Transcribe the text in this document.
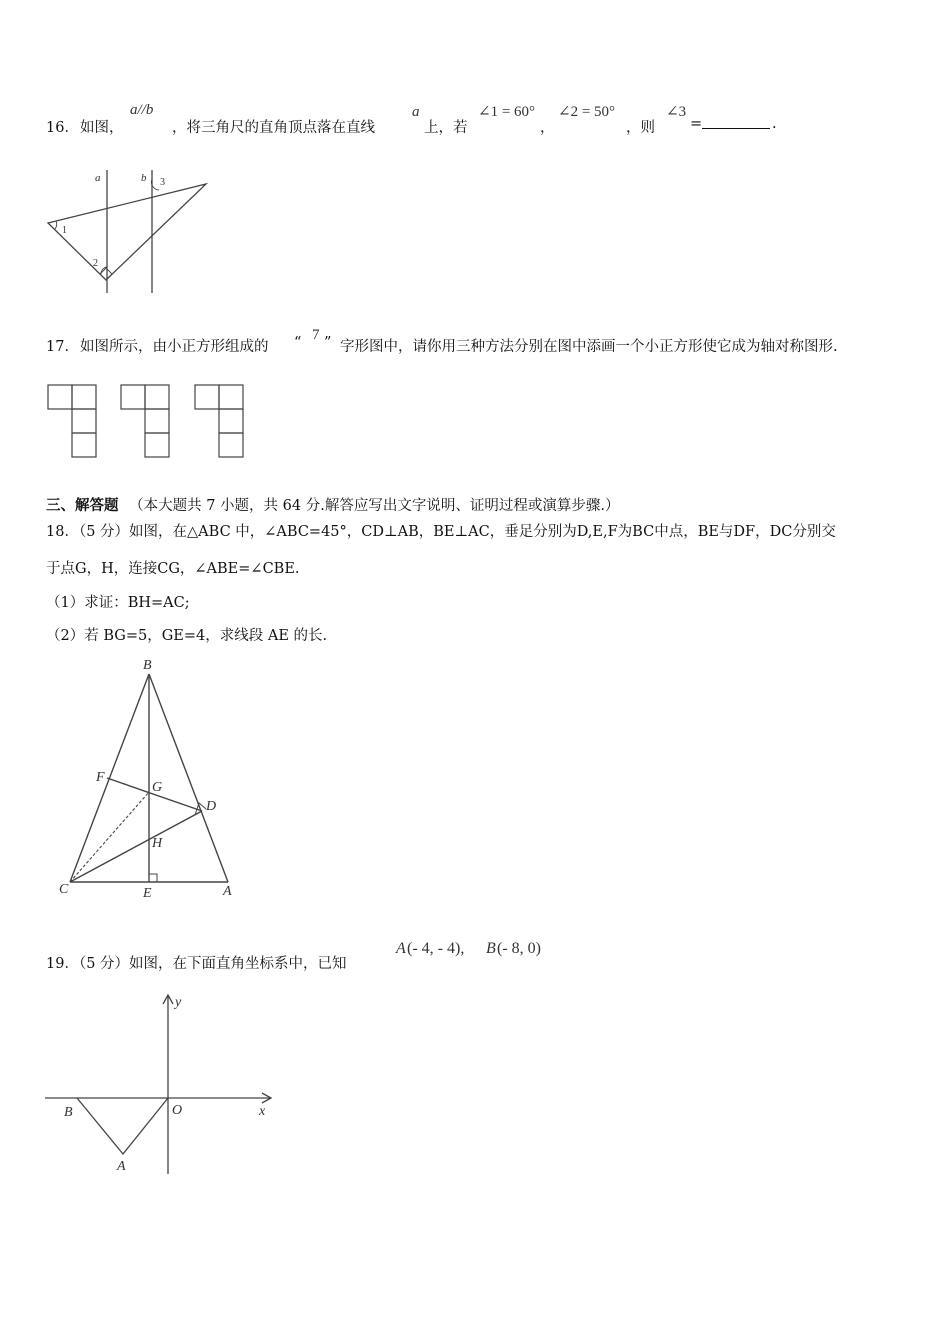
16． 如图，
a//b
，将三角尺的直角顶点落在直线
a
上，若
∠1 = 60°
，
∠2 = 50°
，则
∠3
=	.
a	b
1
2
3
17． 如图所示，由小正方形组成的 “ 7 ” 字形图中，请你用三种方法分别在图中添画一个小正方形使它成为轴对称图形.
三、解答题 （本大题共 7 小题，共 64 分.解答应写出文字说明、证明过程或演算步骤.）
18．（5 分）如图，在△ABC 中，∠ABC=45°，CD⊥AB，BE⊥AC，垂足分别为D,E,F为BC中点，BE与DF，DC分别交
于点G，H，连接CG，∠ABE=∠CBE.
（1）求证：BH=AC;
（2）若 BG=5，GE=4，求线段 AE 的长.
B
F
G
D
H
C	E	A
19．（5 分）如图，在下面直角坐标系中，已知
A (- 4, - 4), B (- 8, 0)
y
x
O
B
A
